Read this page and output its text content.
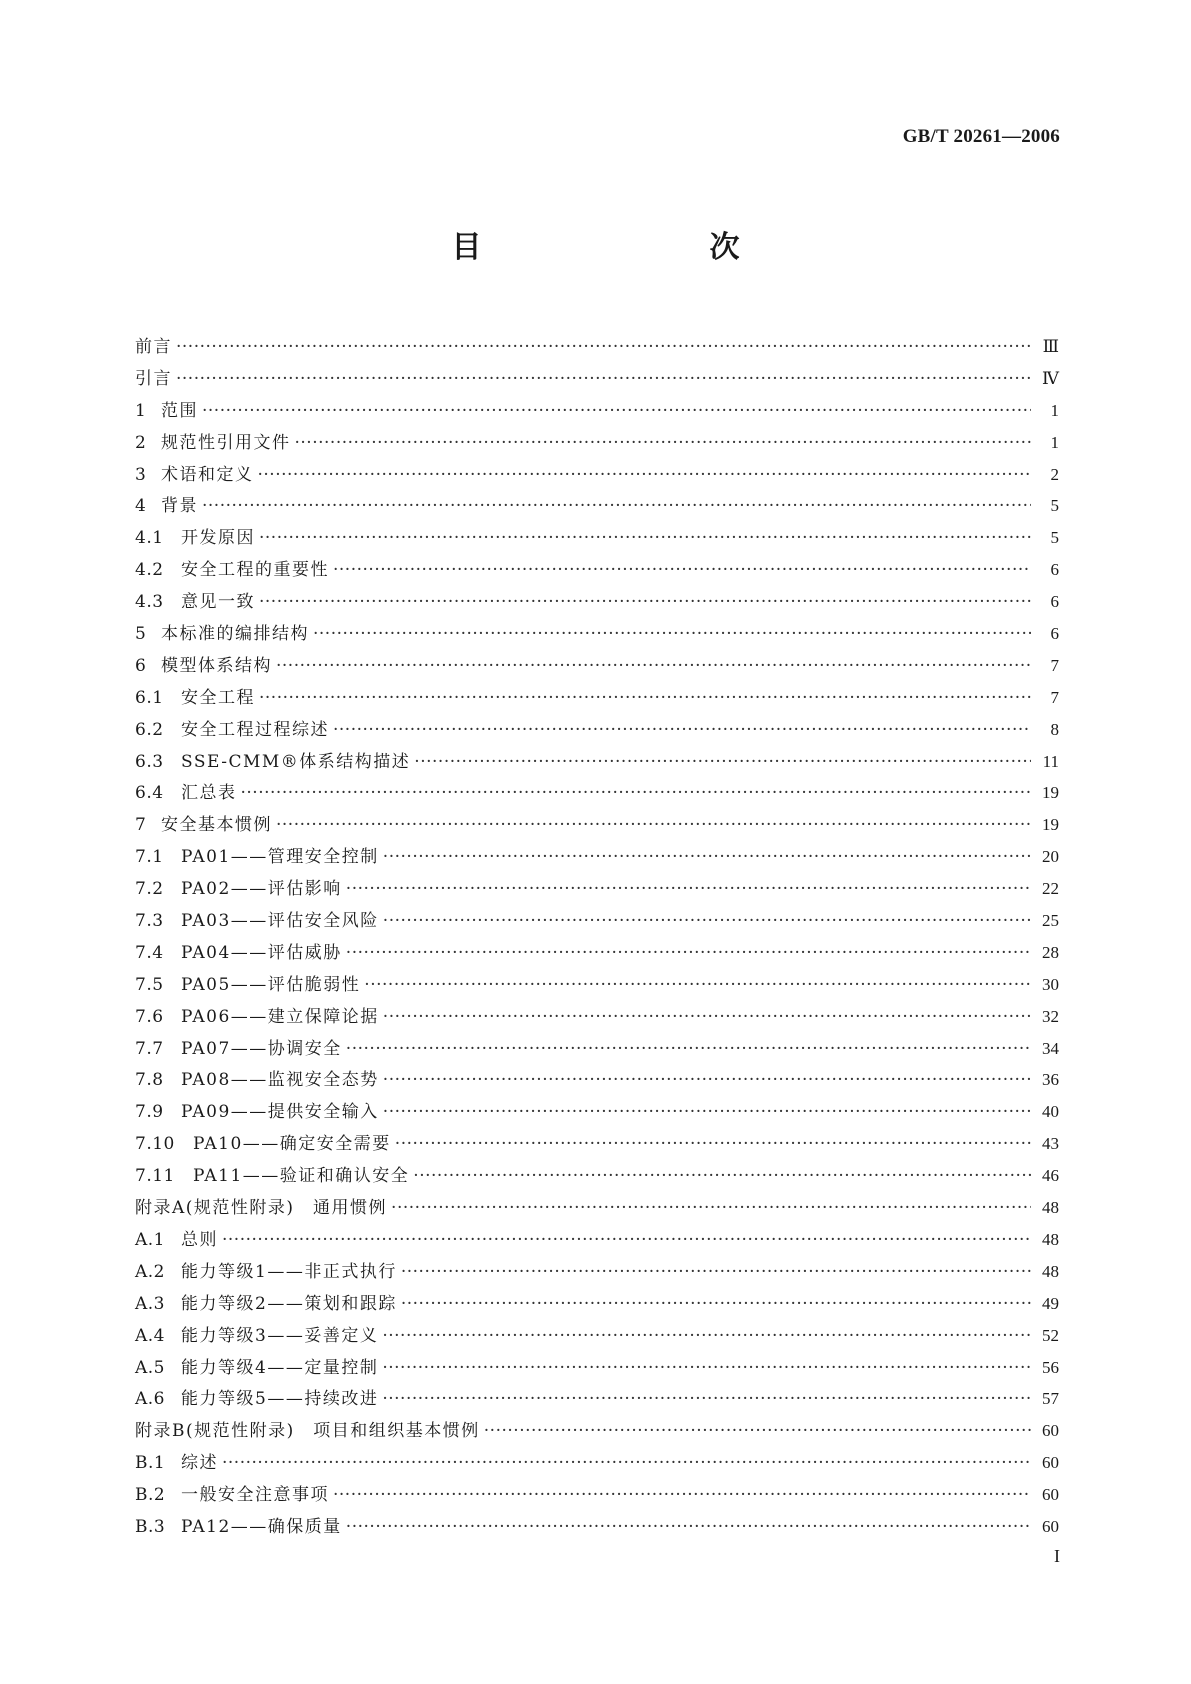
GB/T 20261—2006
目　　次
前言 ·····	Ⅲ
引言 ·····	Ⅳ
1 范围 ·····	1
2 规范性引用文件 ·····	1
3 术语和定义 ·····	2
4 背景 ·····	5
4.1 开发原因 ·····	5
4.2 安全工程的重要性 ·····	6
4.3 意见一致 ·····	6
5 本标准的编排结构 ·····	6
6 模型体系结构 ·····	7
6.1 安全工程 ·····	7
6.2 安全工程过程综述 ·····	8
6.3 SSE-CMM®体系结构描述 ·····	11
6.4 汇总表 ·····	19
7 安全基本惯例 ·····	19
7.1 PA01——管理安全控制 ·····	20
7.2 PA02——评估影响 ·····	22
7.3 PA03——评估安全风险 ·····	25
7.4 PA04——评估威胁 ·····	28
7.5 PA05——评估脆弱性 ·····	30
7.6 PA06——建立保障论据 ·····	32
7.7 PA07——协调安全 ·····	34
7.8 PA08——监视安全态势 ·····	36
7.9 PA09——提供安全输入 ·····	40
7.10 PA10——确定安全需要 ·····	43
7.11 PA11——验证和确认安全 ·····	46
附录A(规范性附录)　通用惯例 ·····	48
A.1 总则 ·····	48
A.2 能力等级1——非正式执行 ·····	48
A.3 能力等级2——策划和跟踪 ·····	49
A.4 能力等级3——妥善定义 ·····	52
A.5 能力等级4——定量控制 ·····	56
A.6 能力等级5——持续改进 ·····	57
附录B(规范性附录)　项目和组织基本惯例 ·····	60
B.1 综述 ·····	60
B.2 一般安全注意事项 ·····	60
B.3 PA12——确保质量 ·····	60
I
